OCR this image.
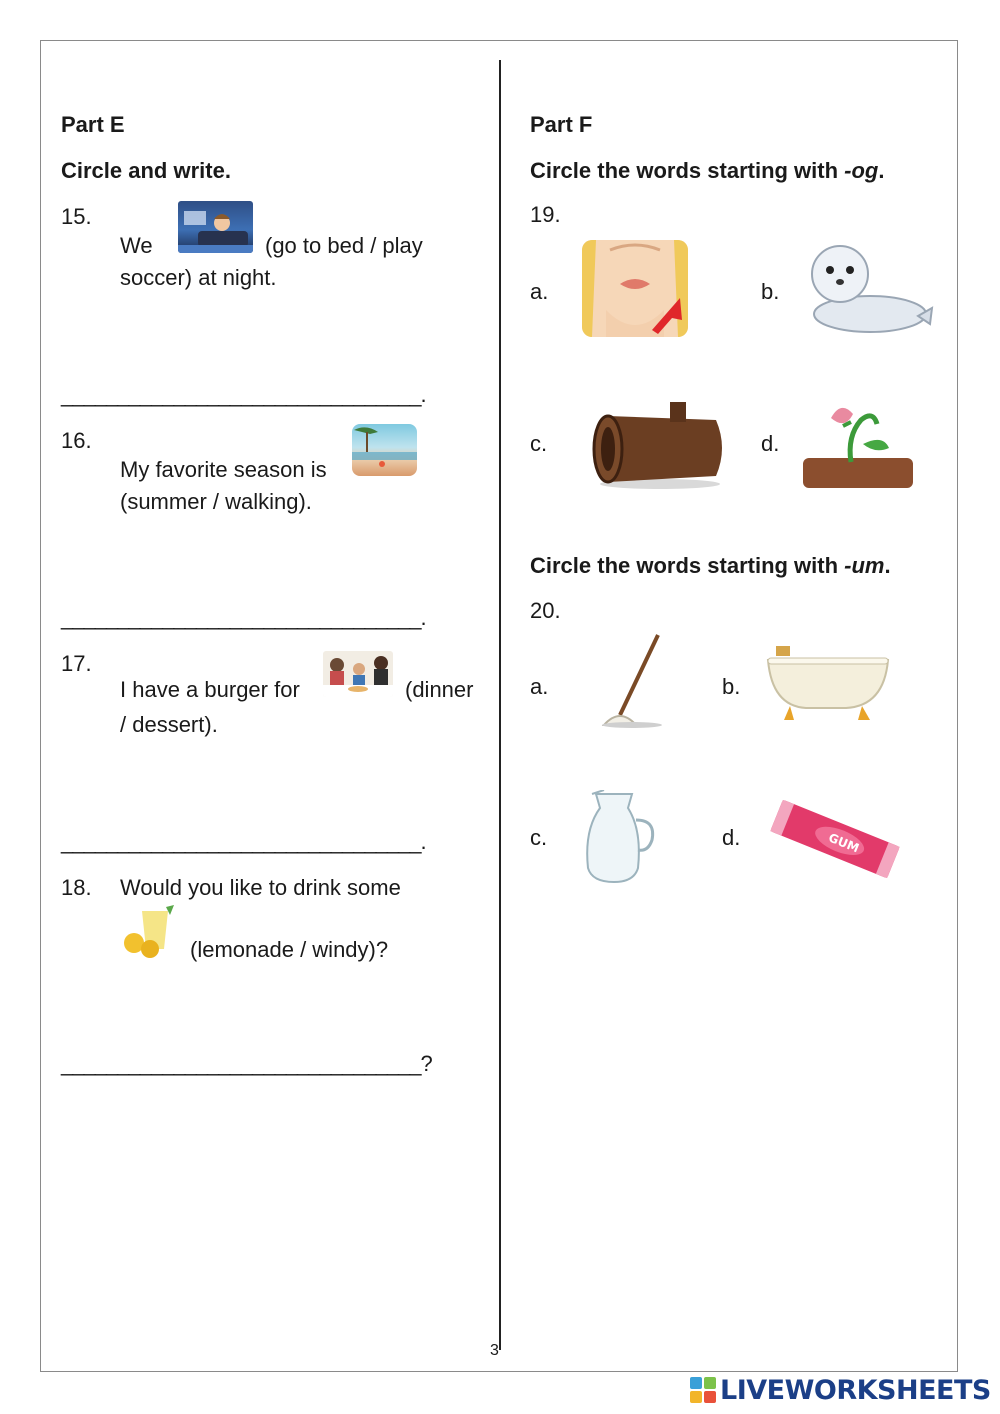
Part E
Circle and write.
15.
We	(go to bed / play
soccer) at night.
________________________________.
16.
My favorite season is
(summer / walking).
________________________________.
17.
I have a burger for	(dinner
/ dessert).
________________________________.
18. Would you like to drink some
(lemonade / windy)?
________________________________?
Part F
Circle the words starting with -og.
19.
a.	b.
c.	d.
Circle the words starting with -um.
20.
a.	b.
c.	d.	GUM
3
LIVEWORKSHEETS
